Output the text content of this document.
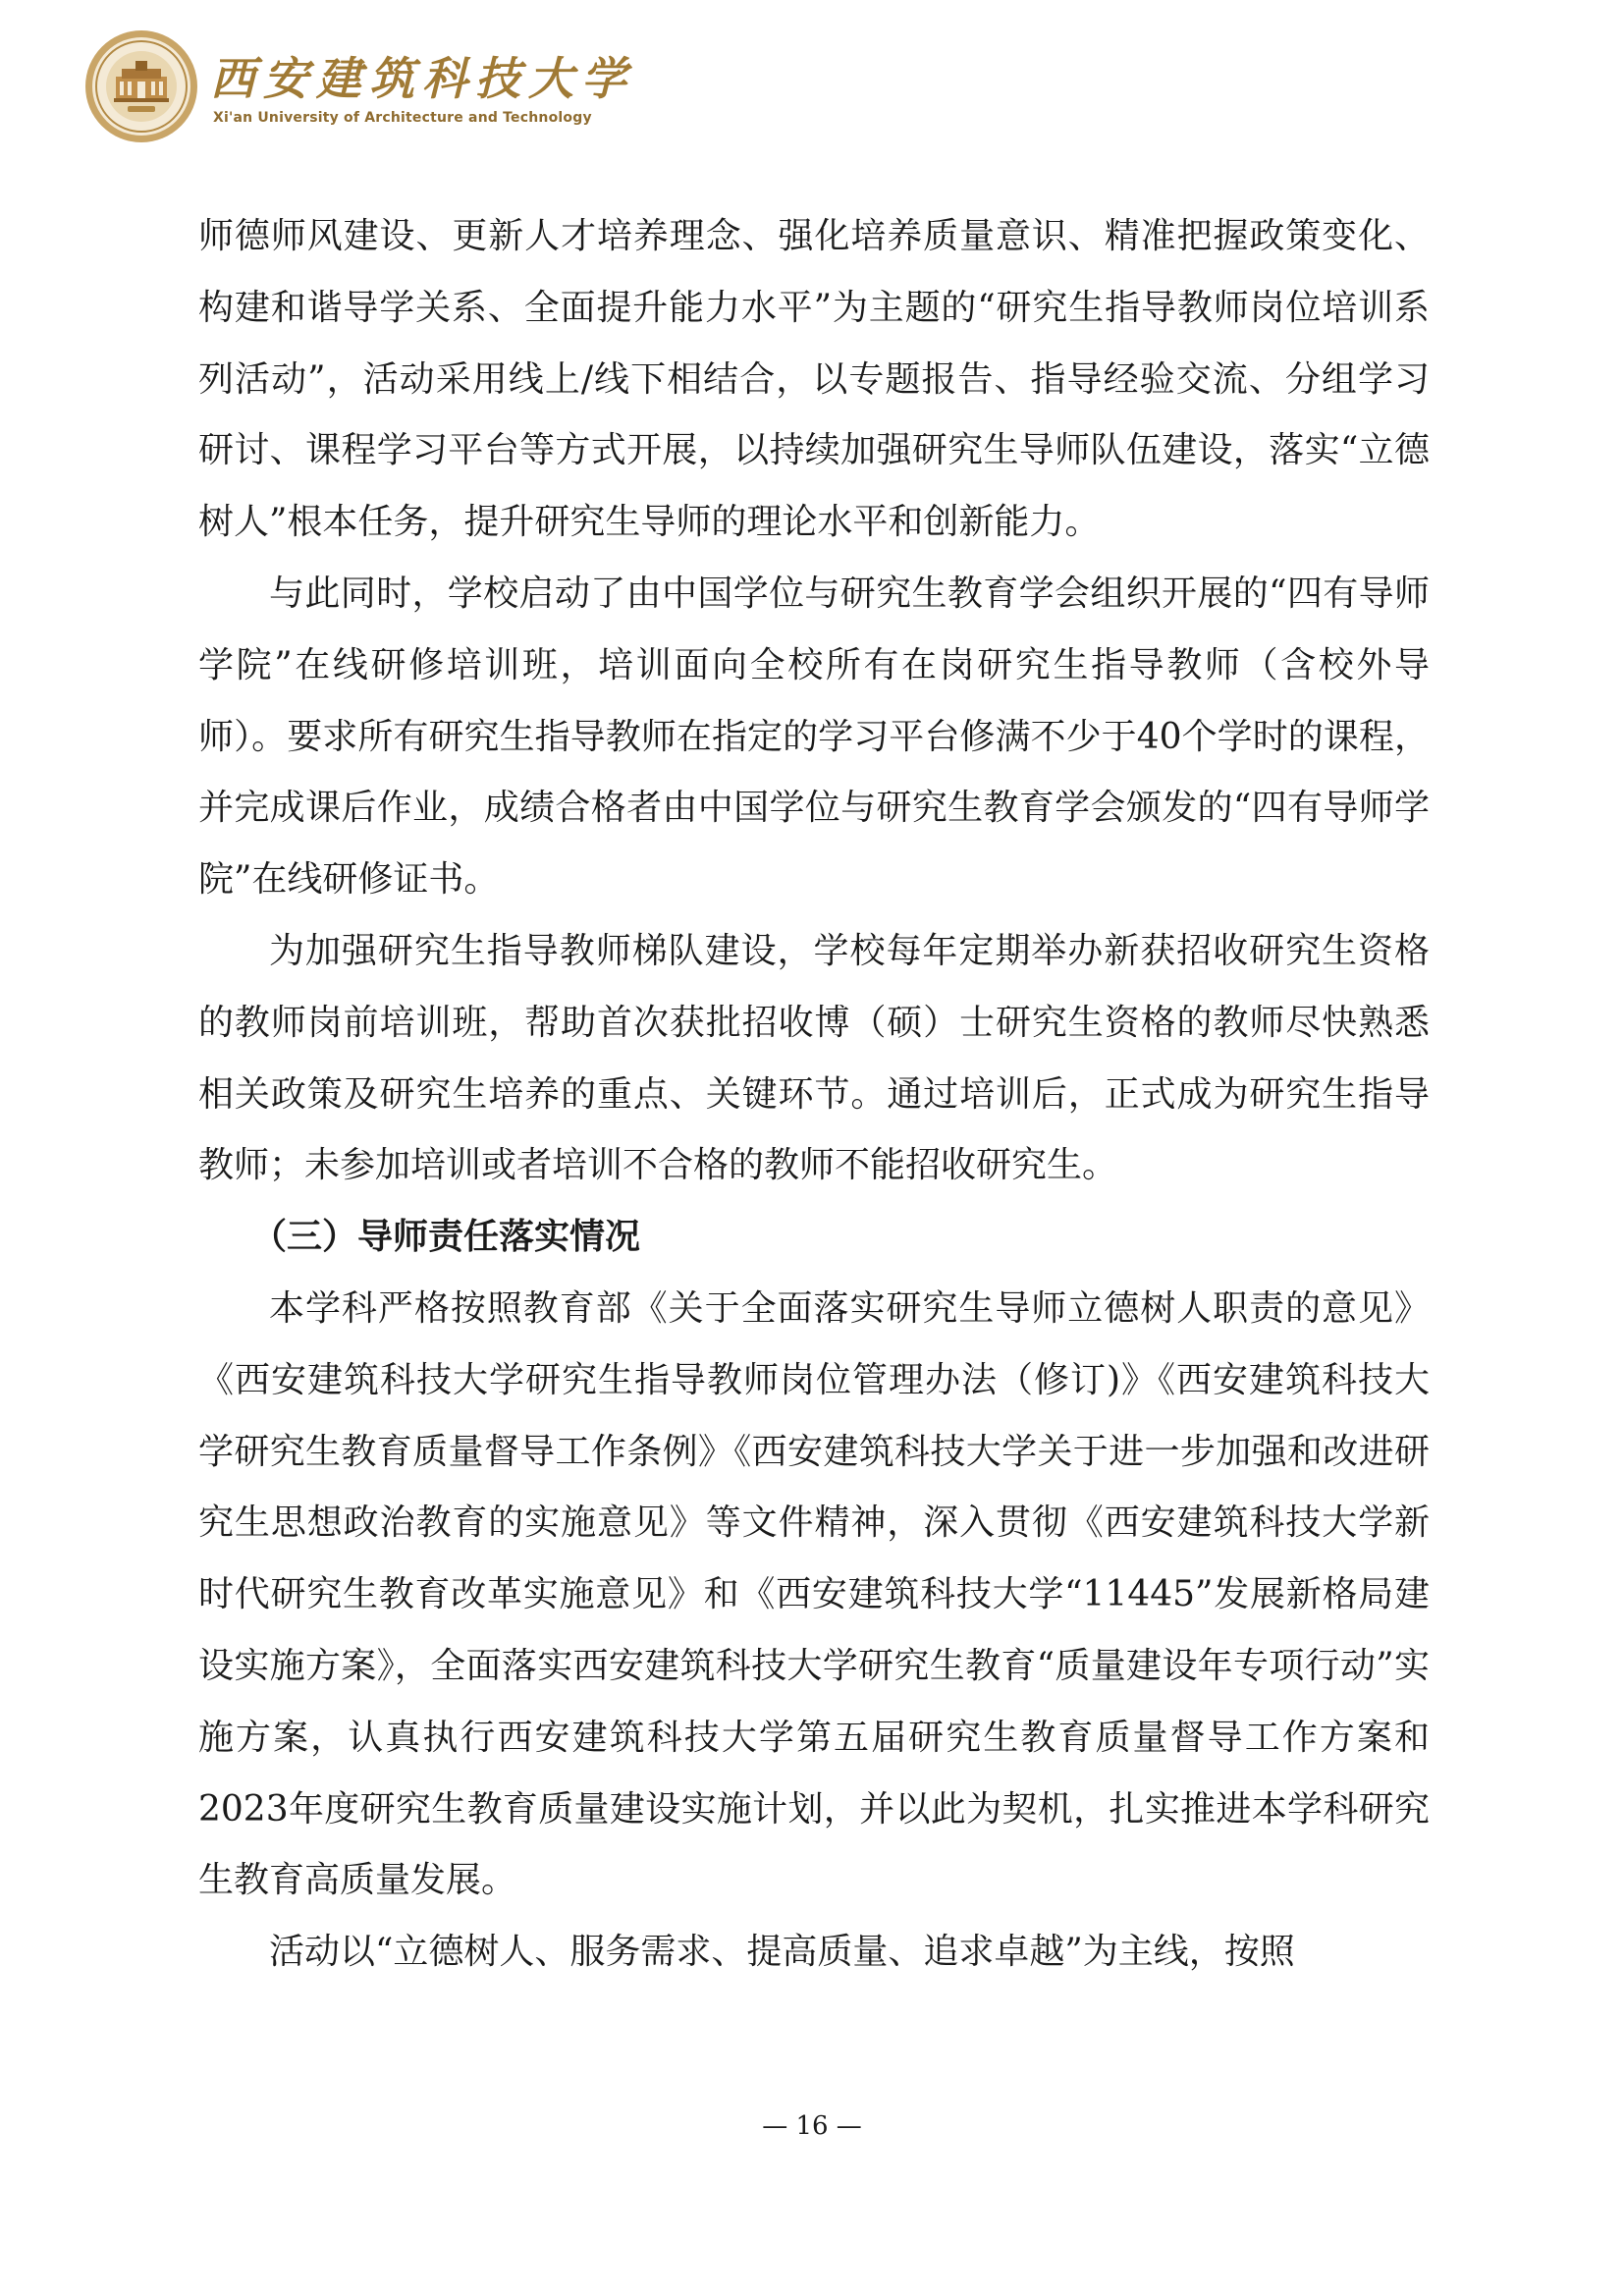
西安建筑科技大学
Xi'an University of Architecture and Technology

师德师风建设、更新人才培养理念、强化培养质量意识、精准把握政策变化、构建和谐导学关系、全面提升能力水平”为主题的“研究生指导教师岗位培训系列活动”，活动采用线上/线下相结合，以专题报告、指导经验交流、分组学习研讨、课程学习平台等方式开展，以持续加强研究生导师队伍建设，落实“立德树人”根本任务，提升研究生导师的理论水平和创新能力。

与此同时，学校启动了由中国学位与研究生教育学会组织开展的“四有导师学院”在线研修培训班，培训面向全校所有在岗研究生指导教师（含校外导师）。要求所有研究生指导教师在指定的学习平台修满不少于40个学时的课程，并完成课后作业，成绩合格者由中国学位与研究生教育学会颁发的“四有导师学院”在线研修证书。

为加强研究生指导教师梯队建设，学校每年定期举办新获招收研究生资格的教师岗前培训班，帮助首次获批招收博（硕）士研究生资格的教师尽快熟悉相关政策及研究生培养的重点、关键环节。通过培训后，正式成为研究生指导教师；未参加培训或者培训不合格的教师不能招收研究生。

（三）导师责任落实情况

本学科严格按照教育部《关于全面落实研究生导师立德树人职责的意见》《西安建筑科技大学研究生指导教师岗位管理办法（修订)》《西安建筑科技大学研究生教育质量督导工作条例》《西安建筑科技大学关于进一步加强和改进研究生思想政治教育的实施意见》等文件精神，深入贯彻《西安建筑科技大学新时代研究生教育改革实施意见》和《西安建筑科技大学“11445”发展新格局建设实施方案》，全面落实西安建筑科技大学研究生教育“质量建设年专项行动”实施方案，认真执行西安建筑科技大学第五届研究生教育质量督导工作方案和2023年度研究生教育质量建设实施计划，并以此为契机，扎实推进本学科研究生教育高质量发展。

活动以“立德树人、服务需求、提高质量、追求卓越”为主线，按照

— 16 —
